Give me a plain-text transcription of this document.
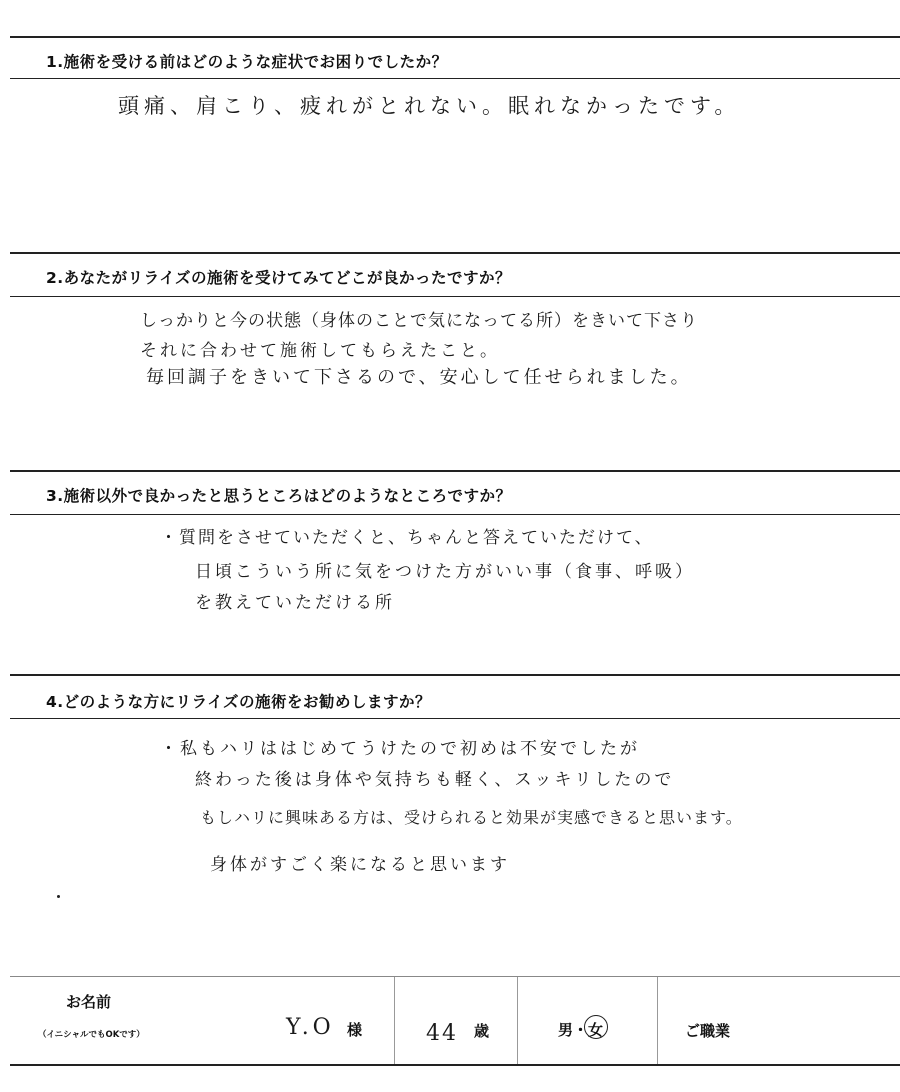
1.施術を受ける前はどのような症状でお困りでしたか？
頭痛、肩こり、疲れがとれない。眠れなかったです。
2.あなたがリライズの施術を受けてみてどこが良かったですか？
しっかりと今の状態（身体のことで気になってる所）をきいて下さり
それに合わせて施術してもらえたこと。
毎回調子をきいて下さるので、安心して任せられました。
3.施術以外で良かったと思うところはどのようなところですか？
・質問をさせていただくと、ちゃんと答えていただけて、
日頃こういう所に気をつけた方がいい事（食事、呼吸）
を教えていただける所
4.どのような方にリライズの施術をお勧めしますか？
・私もハリははじめてうけたので初めは不安でしたが
終わった後は身体や気持ちも軽く、スッキリしたので
もしハリに興味ある方は、受けられると効果が実感できると思います。
身体がすごく楽になると思います
お名前
（イニシャルでもOKです）	Y.O 様	44 歳	男 ・ 女	ご職業
